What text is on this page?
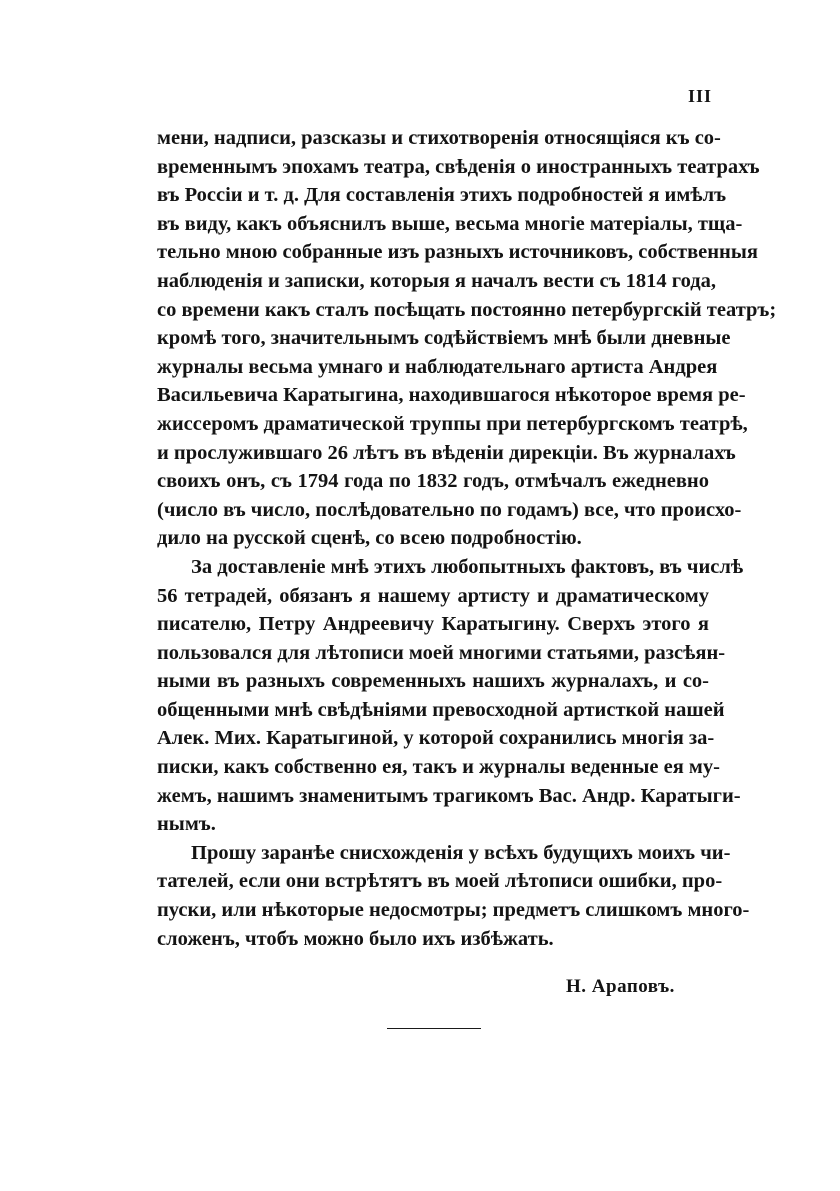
III

мени, надписи, разсказы и стихотворенія относящіяся къ со-
временнымъ эпохамъ театра, свѣденія о иностранныхъ театрахъ
въ Россіи и т. д. Для составленія этихъ подробностей я имѣлъ
въ виду, какъ объяснилъ выше, весьма многіе матеріалы, тща-
тельно мною собранные изъ разныхъ источниковъ, собственныя
наблюденія и записки, которыя я началъ вести съ 1814 года,
со времени какъ сталъ посѣщать постоянно петербургскій театръ;
кромѣ того, значительнымъ содѣйствіемъ мнѣ были дневные
журналы весьма умнаго и наблюдательнаго артиста Андрея
Васильевича Каратыгина, находившагося нѣкоторое время ре-
жиссеромъ драматической труппы при петербургскомъ театрѣ,
и прослужившаго 26 лѣтъ въ вѣденіи дирекціи. Въ журналахъ
своихъ онъ, съ 1794 года по 1832 годъ, отмѣчалъ ежедневно
(число въ число, послѣдовательно по годамъ) все, что происхо-
дило на русской сценѣ, со всею подробностію.

За доставленіе мнѣ этихъ любопытныхъ фактовъ, въ числѣ
56 тетрадей, обязанъ я нашему артисту и драматическому
писателю, Петру Андреевичу Каратыгину. Сверхъ этого я
пользовался для лѣтописи моей многими статьями, разсѣян-
ными въ разныхъ современныхъ нашихъ журналахъ, и со-
общенными мнѣ свѣдѣніями превосходной артисткой нашей
Алек. Мих. Каратыгиной, у которой сохранились многія за-
писки, какъ собственно ея, такъ и журналы веденные ея му-
жемъ, нашимъ знаменитымъ трагикомъ Вас. Андр. Каратыги-
нымъ.

Прошу заранѣе снисхожденія у всѣхъ будущихъ моихъ чи-
тателей, если они встрѣтятъ въ моей лѣтописи ошибки, про-
пуски, или нѣкоторые недосмотры; предметъ слишкомъ много-
сложенъ, чтобъ можно было ихъ избѣжать.

Н. Араповъ.
